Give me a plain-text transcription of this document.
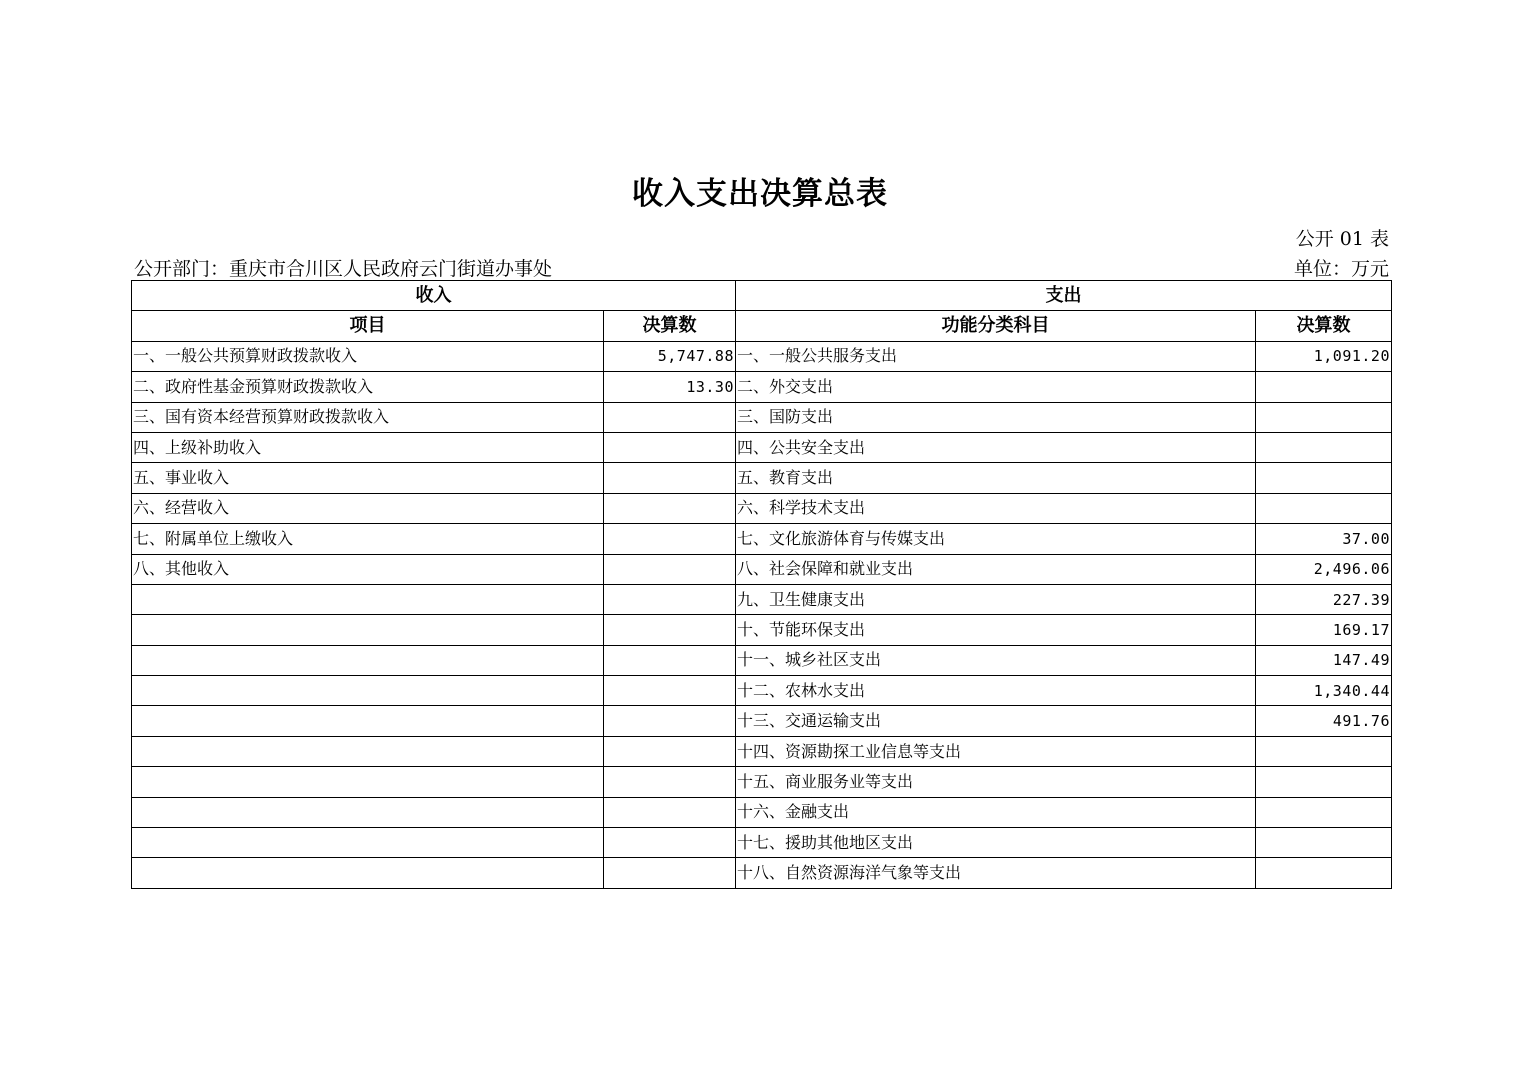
收入支出决算总表
公开 01 表
公开部门：重庆市合川区人民政府云门街道办事处	单位：万元
收入		支出	
项目	决算数	功能分类科目	决算数
一、一般公共预算财政拨款收入	5,747.88	一、一般公共服务支出	1,091.20
二、政府性基金预算财政拨款收入	13.30	二、外交支出	
三、国有资本经营预算财政拨款收入		三、国防支出	
四、上级补助收入		四、公共安全支出	
五、事业收入		五、教育支出	
六、经营收入		六、科学技术支出	
七、附属单位上缴收入		七、文化旅游体育与传媒支出	37.00
八、其他收入		八、社会保障和就业支出	2,496.06
		九、卫生健康支出	227.39
		十、节能环保支出	169.17
		十一、城乡社区支出	147.49
		十二、农林水支出	1,340.44
		十三、交通运输支出	491.76
		十四、资源勘探工业信息等支出	
		十五、商业服务业等支出	
		十六、金融支出	
		十七、援助其他地区支出	
		十八、自然资源海洋气象等支出	
